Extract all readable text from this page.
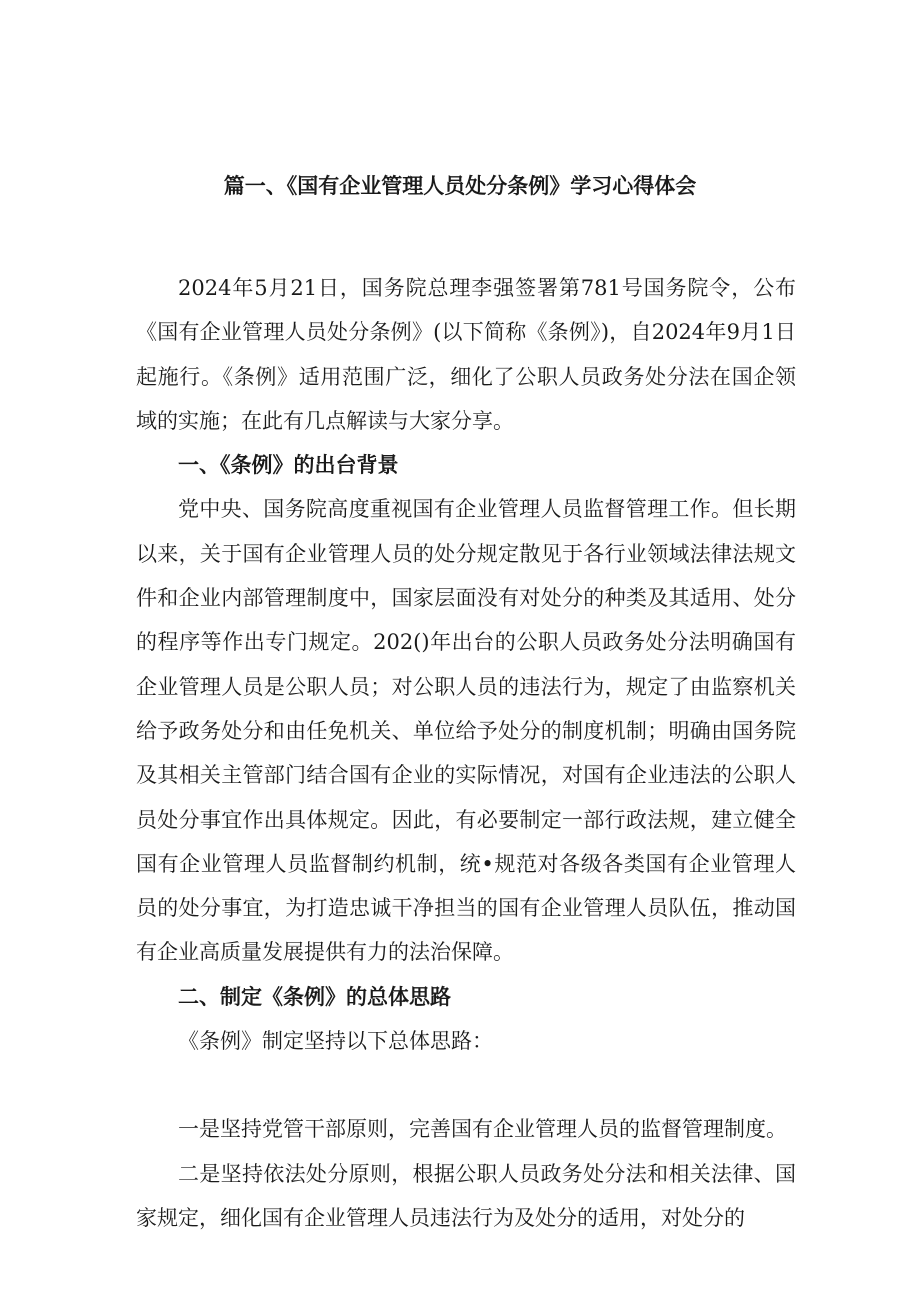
篇一、《国有企业管理人员处分条例》学习心得体会

2024年5月21日，国务院总理李强签署第781号国务院令，公布《国有企业管理人员处分条例》(以下简称《条例》)，自2024年9月1日起施行。《条例》适用范围广泛，细化了公职人员政务处分法在国企领域的实施；在此有几点解读与大家分享。

一、《条例》的出台背景

党中央、国务院高度重视国有企业管理人员监督管理工作。但长期以来，关于国有企业管理人员的处分规定散见于各行业领域法律法规文件和企业内部管理制度中，国家层面没有对处分的种类及其适用、处分的程序等作出专门规定。202()年出台的公职人员政务处分法明确国有企业管理人员是公职人员；对公职人员的违法行为，规定了由监察机关给予政务处分和由任免机关、单位给予处分的制度机制；明确由国务院及其相关主管部门结合国有企业的实际情况，对国有企业违法的公职人员处分事宜作出具体规定。因此，有必要制定一部行政法规，建立健全国有企业管理人员监督制约机制，统•规范对各级各类国有企业管理人员的处分事宜，为打造忠诚干净担当的国有企业管理人员队伍，推动国有企业高质量发展提供有力的法治保障。

二、制定《条例》的总体思路

《条例》制定坚持以下总体思路：

一是坚持党管干部原则，完善国有企业管理人员的监督管理制度。

二是坚持依法处分原则，根据公职人员政务处分法和相关法律、国家规定，细化国有企业管理人员违法行为及处分的适用，对处分的
